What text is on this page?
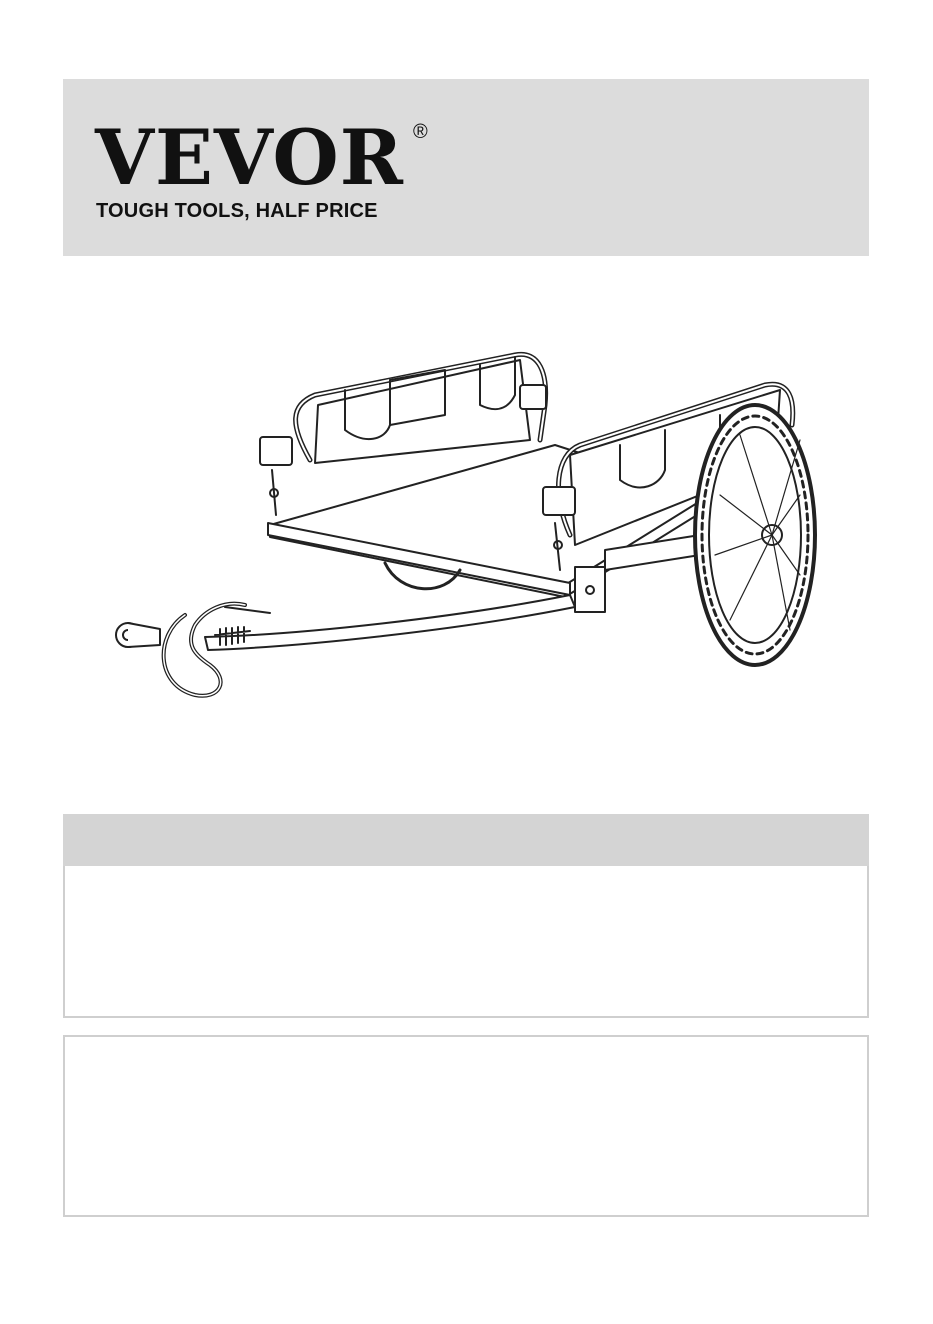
VEVOR ®
TOUGH TOOLS, HALF PRICE
